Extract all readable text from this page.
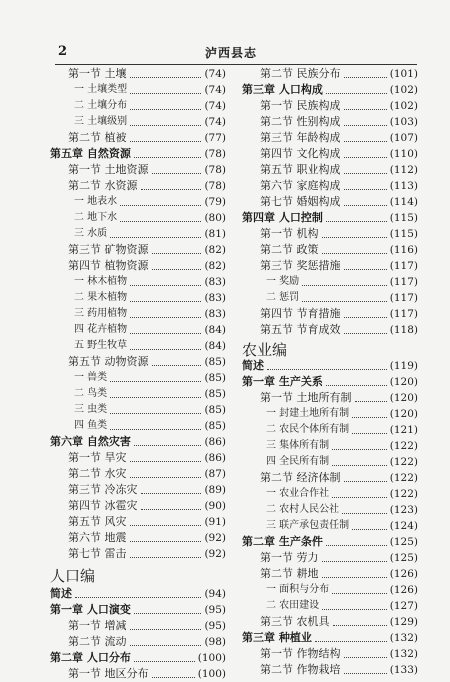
2	泸西县志
第一节 土壤	(74)
一 土壤类型	(74)
二 土壤分布	(74)
三 土壤级别	(74)
第二节 植被	(77)
第五章 自然资源	(78)
第一节 土地资源	(78)
第二节 水资源	(78)
一 地表水	(79)
二 地下水	(80)
三 水质	(81)
第三节 矿物资源	(82)
第四节 植物资源	(82)
一 林木植物	(83)
二 果木植物	(83)
三 药用植物	(83)
四 花卉植物	(84)
五 野生牧草	(84)
第五节 动物资源	(85)
一 兽类	(85)
二 鸟类	(85)
三 虫类	(85)
四 鱼类	(85)
第六章 自然灾害	(86)
第一节 旱灾	(86)
第二节 水灾	(87)
第三节 冷冻灾	(89)
第四节 冰雹灾	(90)
第五节 风灾	(91)
第六节 地震	(92)
第七节 雷击	(92)
人口编
简述	(94)
第一章 人口演变	(95)
第一节 增减	(95)
第二节 流动	(98)
第二章 人口分布	(100)
第一节 地区分布	(100)
第二节 民族分布	(101)
第三章 人口构成	(102)
第一节 民族构成	(102)
第二节 性别构成	(103)
第三节 年龄构成	(107)
第四节 文化构成	(110)
第五节 职业构成	(112)
第六节 家庭构成	(113)
第七节 婚姻构成	(114)
第四章 人口控制	(115)
第一节 机构	(115)
第二节 政策	(116)
第三节 奖惩措施	(117)
一 奖励	(117)
二 惩罚	(117)
第四节 节育措施	(117)
第五节 节育成效	(118)
农业编
简述	(119)
第一章 生产关系	(120)
第一节 土地所有制	(120)
一 封建土地所有制	(120)
二 农民个体所有制	(121)
三 集体所有制	(122)
四 全民所有制	(122)
第二节 经济体制	(122)
一 农业合作社	(122)
二 农村人民公社	(123)
三 联产承包责任制	(124)
第二章 生产条件	(125)
第一节 劳力	(125)
第二节 耕地	(126)
一 面积与分布	(126)
二 农田建设	(127)
第三节 农机具	(129)
第三章 种植业	(132)
第一节 作物结构	(132)
第二节 作物栽培	(133)
